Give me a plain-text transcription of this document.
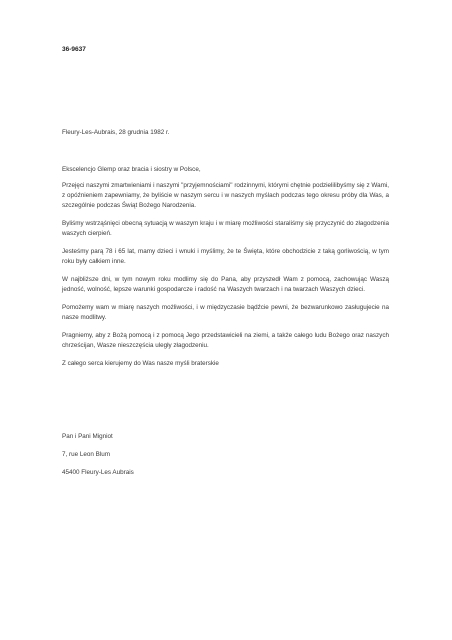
36-9637
Fleury-Les-Aubrais, 28 grudnia 1982 r.
Ekscelencjo Glemp oraz bracia i siostry w Polsce,

Przejęci naszymi zmartwieniami i naszymi "przyjemnościami" rodzinnymi, którymi chętnie podzielilibyśmy się z Wami, z opóźnieniem zapewniamy, że byliście w naszym sercu i w naszych myślach podczas tego okresu próby dla Was, a szczególnie podczas Świąt Bożego Narodzenia.

Byliśmy wstrząśnięci obecną sytuacją w waszym kraju i w miarę możliwości staraliśmy się przyczynić do złagodzenia waszych cierpień.

Jesteśmy parą 78 i 65 lat, mamy dzieci i wnuki i myślimy, że te Święta, które obchodzicie z taką gorliwością, w tym roku były całkiem inne.

W najbliższe dni, w tym nowym roku modlimy się do Pana, aby przyszedł Wam z pomocą, zachowując Waszą jedność, wolność, lepsze warunki gospodarcze i radość na Waszych twarzach i na twarzach Waszych dzieci.

Pomożemy wam w miarę naszych możliwości, i w międzyczasie bądźcie pewni, że bezwarunkowo zasługujecie na nasze modlitwy.

Pragniemy, aby z Bożą pomocą i z pomocą Jego przedstawicieli na ziemi, a także całego ludu Bożego oraz naszych chrześcijan, Wasze nieszczęścia uległy złagodzeniu.

Z całego serca kierujemy do Was nasze myśli braterskie

Pan i Pani Migniot
7, rue Leon Blum
45400 Fleury-Les Aubrais
